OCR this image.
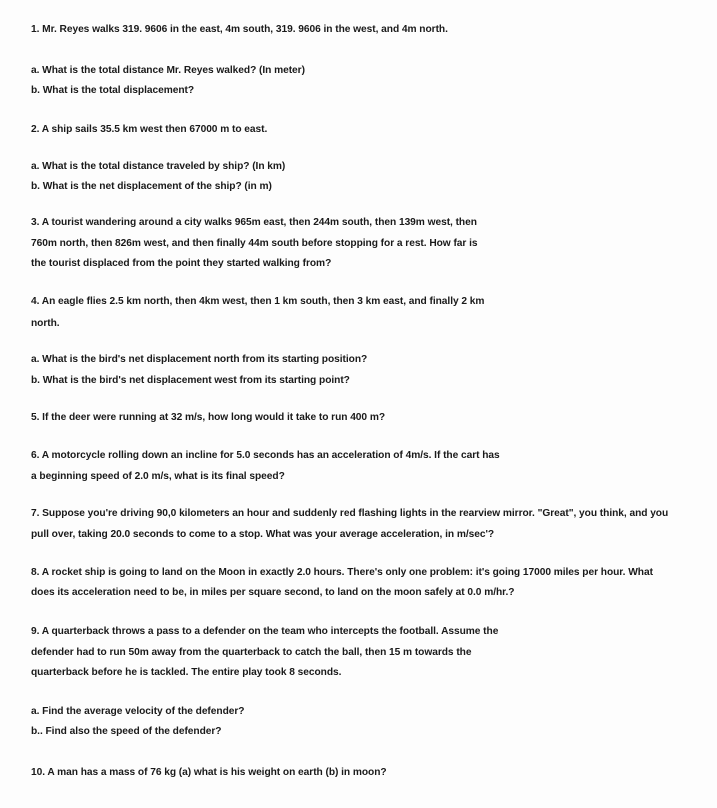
1. Mr. Reyes walks 319. 9606 in the east, 4m south, 319. 9606 in the west, and 4m north.
a. What is the total distance Mr. Reyes walked? (In meter)
b. What is the total displacement?
2. A ship sails 35.5 km west then 67000 m to east.
a. What is the total distance traveled by ship? (In km)
b. What is the net displacement of the ship? (in m)
3. A tourist wandering around a city walks 965m east, then 244m south, then 139m west, then
760m north, then 826m west, and then finally 44m south before stopping for a rest. How far is
the tourist displaced from the point they started walking from?
4. An eagle flies 2.5 km north, then 4km west, then 1 km south, then 3 km east, and finally 2 km
north.
a. What is the bird's net displacement north from its starting position?
b. What is the bird's net displacement west from its starting point?
5. If the deer were running at 32 m/s, how long would it take to run 400 m?
6. A motorcycle rolling down an incline for 5.0 seconds has an acceleration of 4m/s. If the cart has
a beginning speed of 2.0 m/s, what is its final speed?
7. Suppose you're driving 90,0 kilometers an hour and suddenly red flashing lights in the rearview mirror. "Great", you think, and you
pull over, taking 20.0 seconds to come to a stop. What was your average acceleration, in m/sec'?
8. A rocket ship is going to land on the Moon in exactly 2.0 hours. There's only one problem: it's going 17000 miles per hour. What
does its acceleration need to be, in miles per square second, to land on the moon safely at 0.0 m/hr.?
9. A quarterback throws a pass to a defender on the team who intercepts the football. Assume the
defender had to run 50m away from the quarterback to catch the ball, then 15 m towards the
quarterback before he is tackled. The entire play took 8 seconds.
a. Find the average velocity of the defender?
b.. Find also the speed of the defender?
10. A man has a mass of 76 kg (a) what is his weight on earth (b) in moon?
